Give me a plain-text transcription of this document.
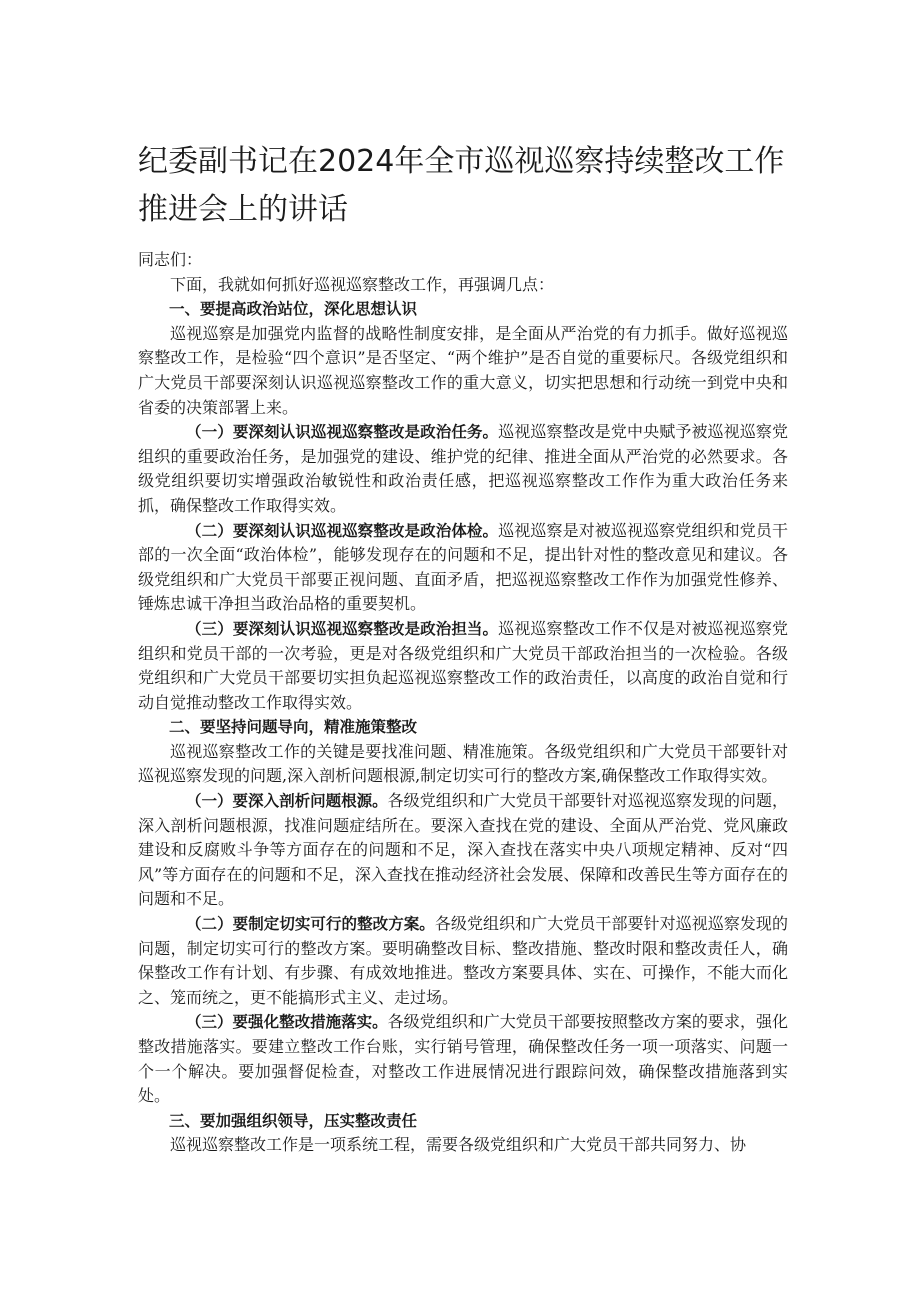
纪委副书记在2024年全市巡视巡察持续整改工作推进会上的讲话

同志们：

下面，我就如何抓好巡视巡察整改工作，再强调几点：

一、要提高政治站位，深化思想认识

巡视巡察是加强党内监督的战略性制度安排，是全面从严治党的有力抓手。做好巡视巡察整改工作，是检验“四个意识”是否坚定、“两个维护”是否自觉的重要标尺。各级党组织和广大党员干部要深刻认识巡视巡察整改工作的重大意义，切实把思想和行动统一到党中央和省委的决策部署上来。

（一）要深刻认识巡视巡察整改是政治任务。巡视巡察整改是党中央赋予被巡视巡察党组织的重要政治任务，是加强党的建设、维护党的纪律、推进全面从严治党的必然要求。各级党组织要切实增强政治敏锐性和政治责任感，把巡视巡察整改工作作为重大政治任务来抓，确保整改工作取得实效。

（二）要深刻认识巡视巡察整改是政治体检。巡视巡察是对被巡视巡察党组织和党员干部的一次全面“政治体检”，能够发现存在的问题和不足，提出针对性的整改意见和建议。各级党组织和广大党员干部要正视问题、直面矛盾，把巡视巡察整改工作作为加强党性修养、锤炼忠诚干净担当政治品格的重要契机。

（三）要深刻认识巡视巡察整改是政治担当。巡视巡察整改工作不仅是对被巡视巡察党组织和党员干部的一次考验，更是对各级党组织和广大党员干部政治担当的一次检验。各级党组织和广大党员干部要切实担负起巡视巡察整改工作的政治责任，以高度的政治自觉和行动自觉推动整改工作取得实效。

二、要坚持问题导向，精准施策整改

巡视巡察整改工作的关键是要找准问题、精准施策。各级党组织和广大党员干部要针对巡视巡察发现的问题,深入剖析问题根源,制定切实可行的整改方案,确保整改工作取得实效。

（一）要深入剖析问题根源。各级党组织和广大党员干部要针对巡视巡察发现的问题，深入剖析问题根源，找准问题症结所在。要深入查找在党的建设、全面从严治党、党风廉政建设和反腐败斗争等方面存在的问题和不足，深入查找在落实中央八项规定精神、反对“四风”等方面存在的问题和不足，深入查找在推动经济社会发展、保障和改善民生等方面存在的问题和不足。

（二）要制定切实可行的整改方案。各级党组织和广大党员干部要针对巡视巡察发现的问题，制定切实可行的整改方案。要明确整改目标、整改措施、整改时限和整改责任人，确保整改工作有计划、有步骤、有成效地推进。整改方案要具体、实在、可操作，不能大而化之、笼而统之，更不能搞形式主义、走过场。

（三）要强化整改措施落实。各级党组织和广大党员干部要按照整改方案的要求，强化整改措施落实。要建立整改工作台账，实行销号管理，确保整改任务一项一项落实、问题一个一个解决。要加强督促检查，对整改工作进展情况进行跟踪问效，确保整改措施落到实处。

三、要加强组织领导，压实整改责任

巡视巡察整改工作是一项系统工程，需要各级党组织和广大党员干部共同努力、协
